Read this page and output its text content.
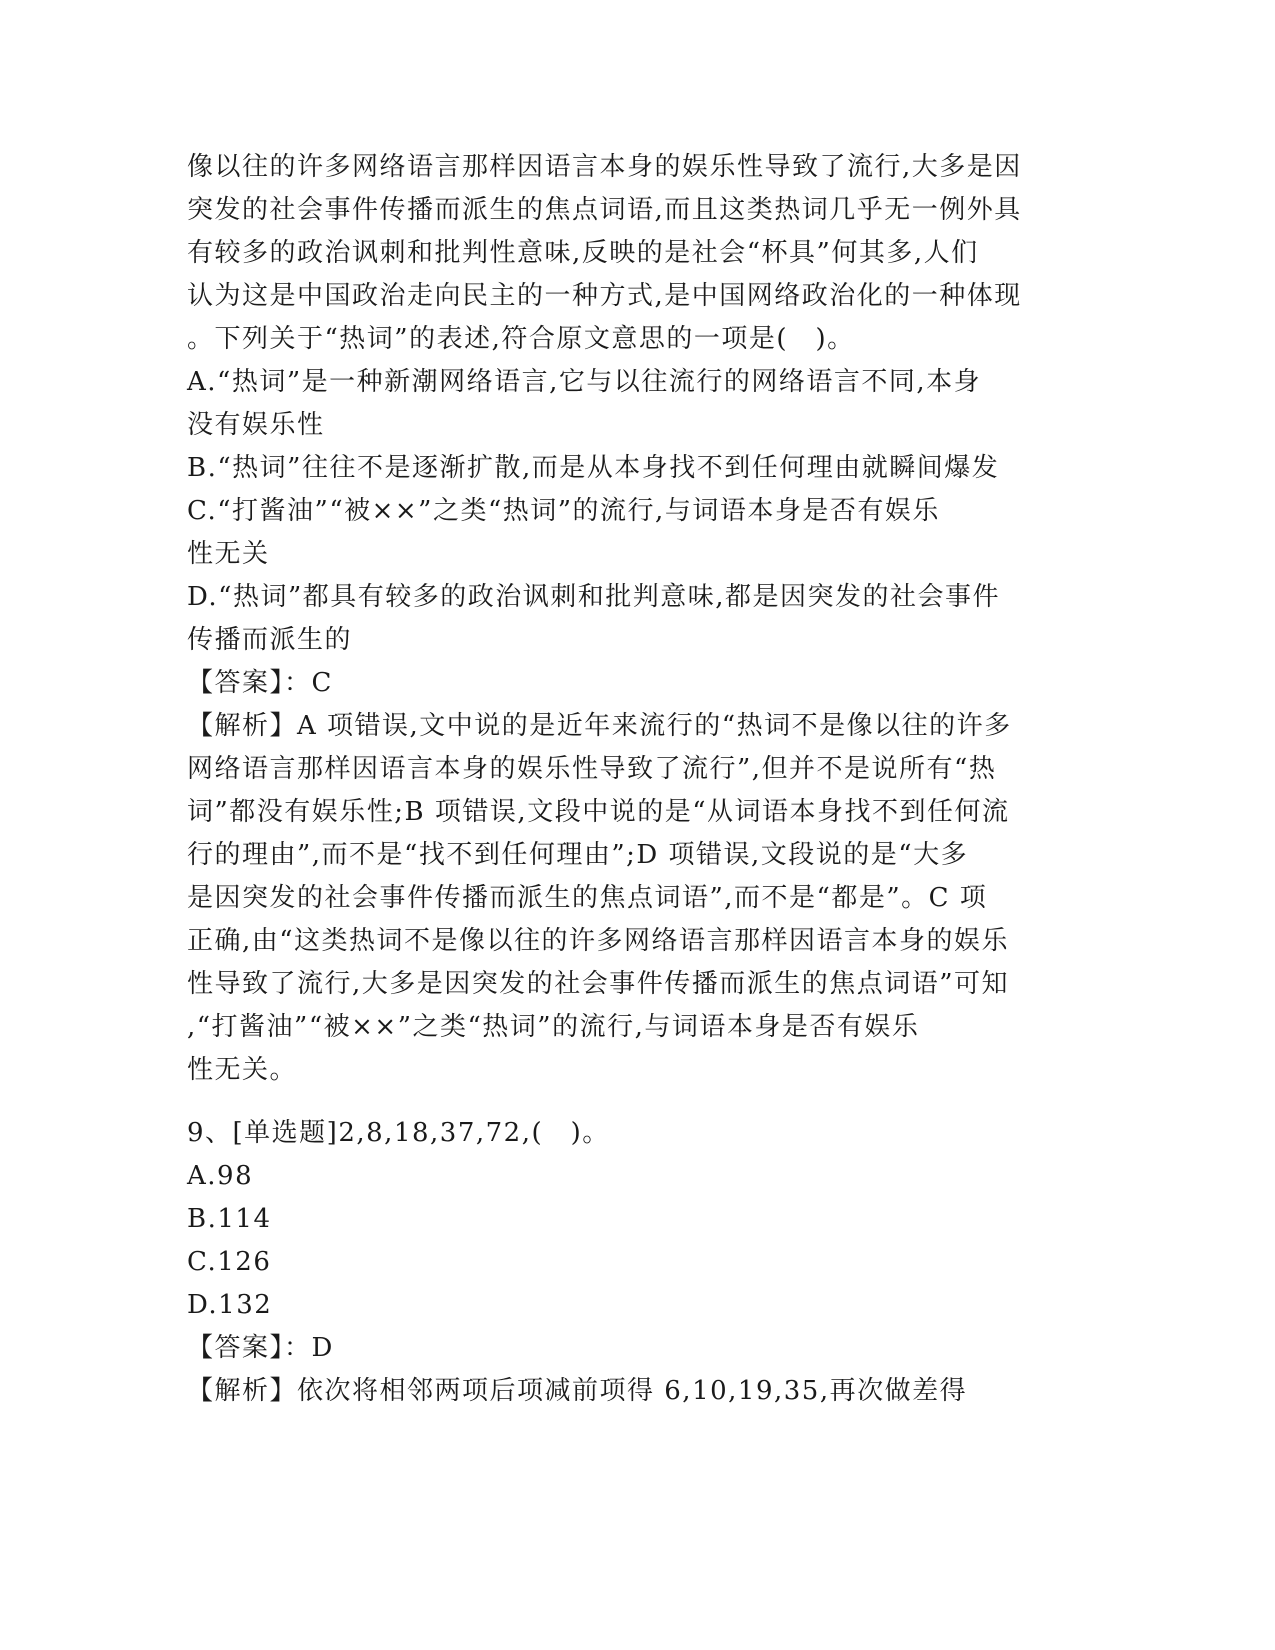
像以往的许多网络语言那样因语言本身的娱乐性导致了流行,大多是因
突发的社会事件传播而派生的焦点词语,而且这类热词几乎无一例外具
有较多的政治讽刺和批判性意味,反映的是社会“杯具”何其多,人们
认为这是中国政治走向民主的一种方式,是中国网络政治化的一种体现
。下列关于“热词”的表述,符合原文意思的一项是(　)。
A.“热词”是一种新潮网络语言,它与以往流行的网络语言不同,本身
没有娱乐性
B.“热词”往往不是逐渐扩散,而是从本身找不到任何理由就瞬间爆发
C.“打酱油”“被××”之类“热词”的流行,与词语本身是否有娱乐
性无关
D.“热词”都具有较多的政治讽刺和批判意味,都是因突发的社会事件
传播而派生的
【答案】：C
【解析】A 项错误,文中说的是近年来流行的“热词不是像以往的许多
网络语言那样因语言本身的娱乐性导致了流行”,但并不是说所有“热
词”都没有娱乐性;B 项错误,文段中说的是“从词语本身找不到任何流
行的理由”,而不是“找不到任何理由”;D 项错误,文段说的是“大多
是因突发的社会事件传播而派生的焦点词语”,而不是“都是”。C 项
正确,由“这类热词不是像以往的许多网络语言那样因语言本身的娱乐
性导致了流行,大多是因突发的社会事件传播而派生的焦点词语”可知
,“打酱油”“被××”之类“热词”的流行,与词语本身是否有娱乐
性无关。
9、[单选题]2,8,18,37,72,(　)。
A.98
B.114
C.126
D.132
【答案】：D
【解析】依次将相邻两项后项减前项得 6,10,19,35,再次做差得
